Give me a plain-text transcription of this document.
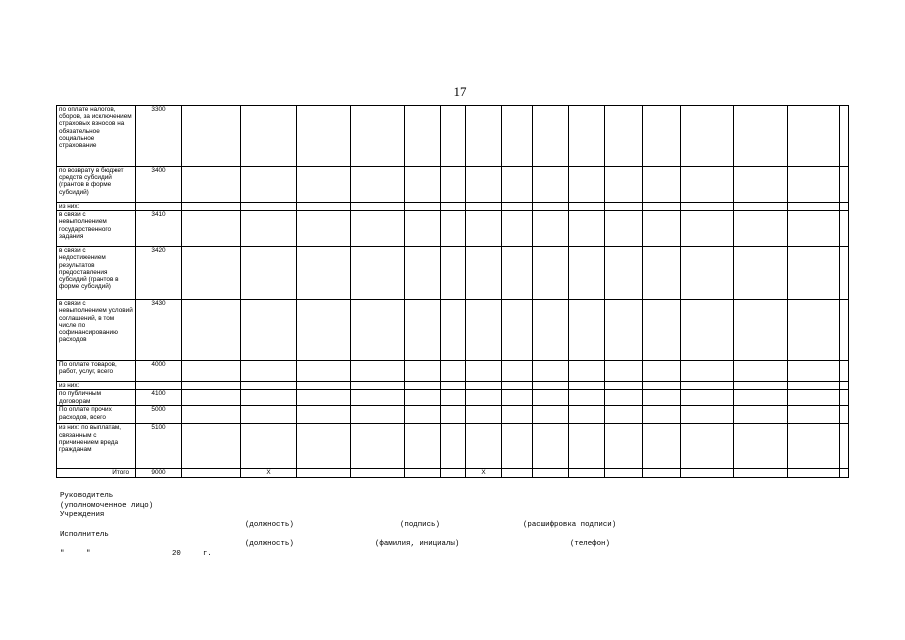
17
по оплате налогов, сборов, за исключением страховых взносов на обязательное социальное страхование	3300																
по возврату в бюджет средств субсидий (грантов в форме субсидий)	3400																
из них:																	
в связи с невыполнением государственного задания	3410																
в связи с недостижением результатов предоставления субсидий (грантов в форме субсидий)	3420																
в связи с невыполнением условий соглашений, в том числе по софинансированию расходов	3430																
По оплате товаров, работ, услуг, всего	4000																
из них:																	
по публичным договорам	4100																
По оплате прочих расходов, всего	5000																
из них: по выплатам, связанным с причинением вреда гражданам	5100																
Итого	9000		X					X									
Руководитель
(уполномоченное лицо)
Учреждения
(должность)	(подпись)	(расшифровка подписи)
Исполнитель
(должность)	(фамилия, инициалы)	(телефон)
"	"	20	г.
